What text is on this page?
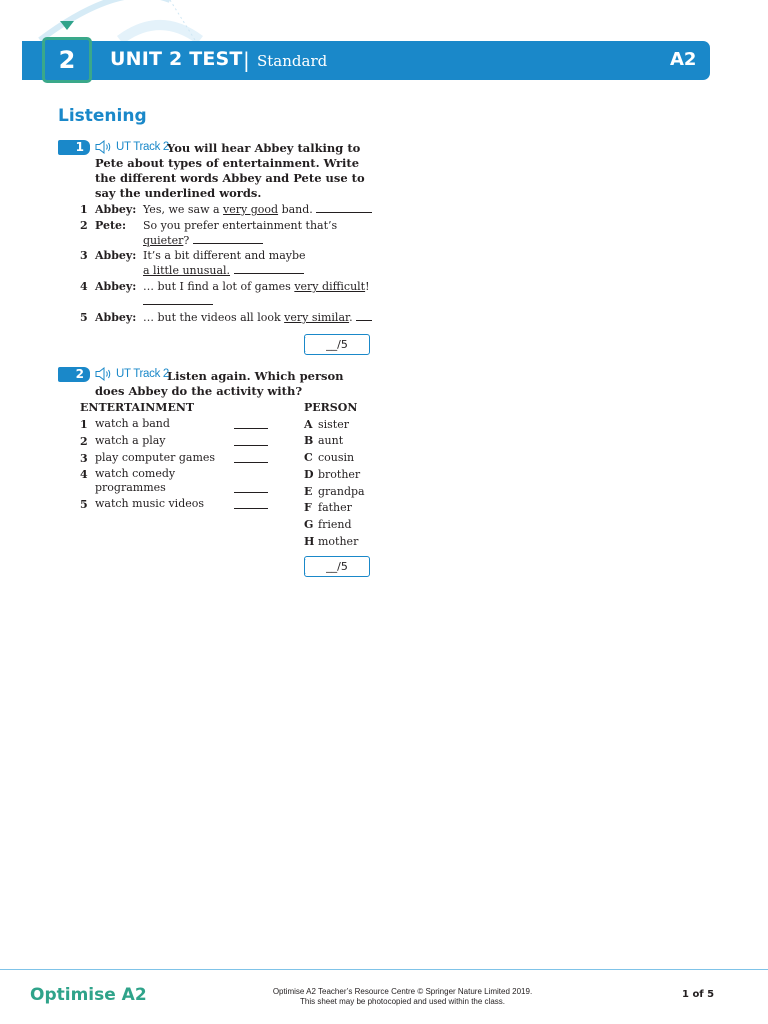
2	UNIT 2 TEST | Standard	A2
Listening
1	UT Track 2
You will hear Abbey talking to
Pete about types of entertainment. Write the different words Abbey and Pete use to say the underlined words.
1 Abbey: Yes, we saw a very good band.
2 Pete: So you prefer entertainment that’s
quieter?
3 Abbey: It’s a bit different and maybe
a little unusual.
4 Abbey: … but I find a lot of games very difficult!

5 Abbey: … but the videos all look very similar.
__/5
2	UT Track 2
Listen again. Which person
does Abbey do the activity with?
ENTERTAINMENT	PERSON
1 watch a band
2 watch a play
3 play computer games
4 watch comedy programmes
5 watch music videos
A sister
B aunt
C cousin
D brother
E grandpa
F father
G friend
H mother
__/5
Optimise A2	Optimise A2 Teacher’s Resource Centre © Springer Nature Limited 2019.
This sheet may be photocopied and used within the class.
1 of 5
